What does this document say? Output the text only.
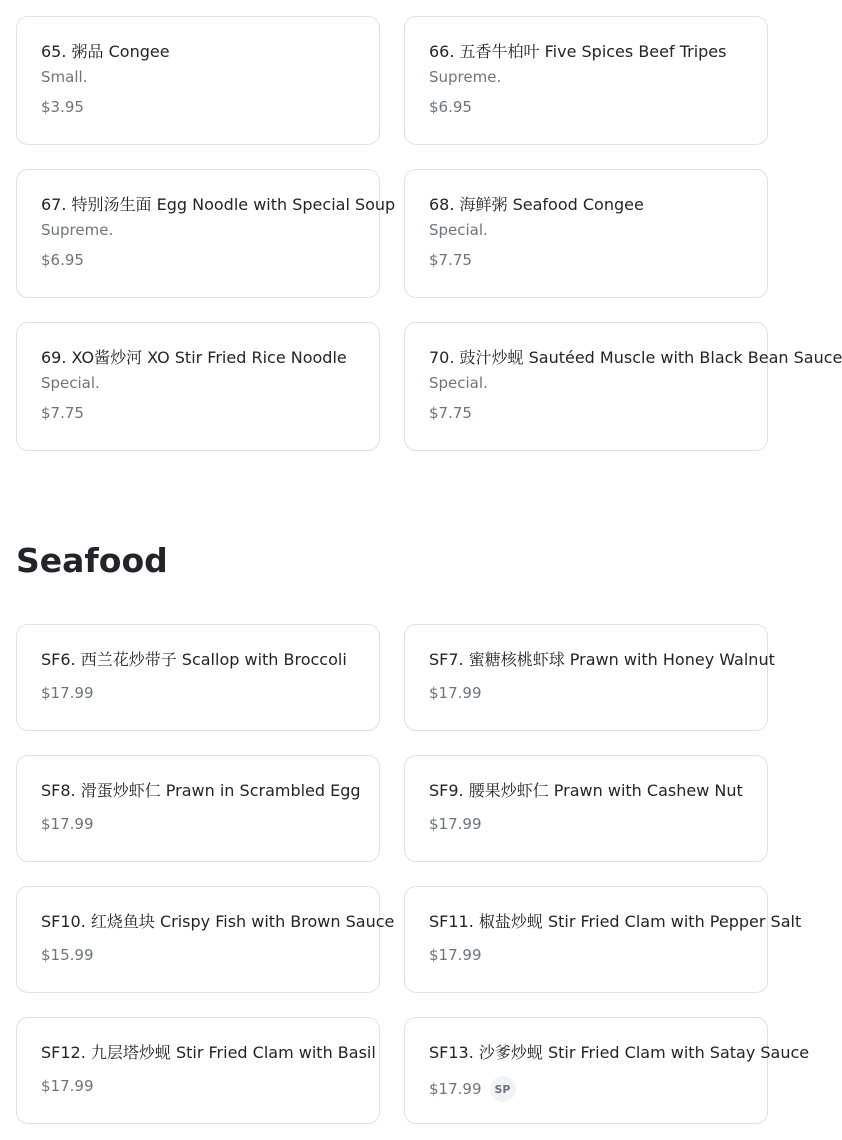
65. 粥品 Congee
Small.
$3.95
66. 五香牛柏叶 Five Spices Beef Tripes
Supreme.
$6.95
67. 特别汤生面 Egg Noodle with Special Soup
Supreme.
$6.95
68. 海鲜粥 Seafood Congee
Special.
$7.75
69. XO酱炒河 XO Stir Fried Rice Noodle
Special.
$7.75
70. 豉汁炒蚬 Sautéed Muscle with Black Bean Sauce
Special.
$7.75
Seafood
SF6. 西兰花炒带子 Scallop with Broccoli
$17.99
SF7. 蜜糖核桃虾球 Prawn with Honey Walnut
$17.99
SF8. 滑蛋炒虾仁 Prawn in Scrambled Egg
$17.99
SF9. 腰果炒虾仁 Prawn with Cashew Nut
$17.99
SF10. 红烧鱼块 Crispy Fish with Brown Sauce
$15.99
SF11. 椒盐炒蚬 Stir Fried Clam with Pepper Salt
$17.99
SF12. 九层塔炒蚬 Stir Fried Clam with Basil
$17.99
SF13. 沙爹炒蚬 Stir Fried Clam with Satay Sauce
$17.99	SP
